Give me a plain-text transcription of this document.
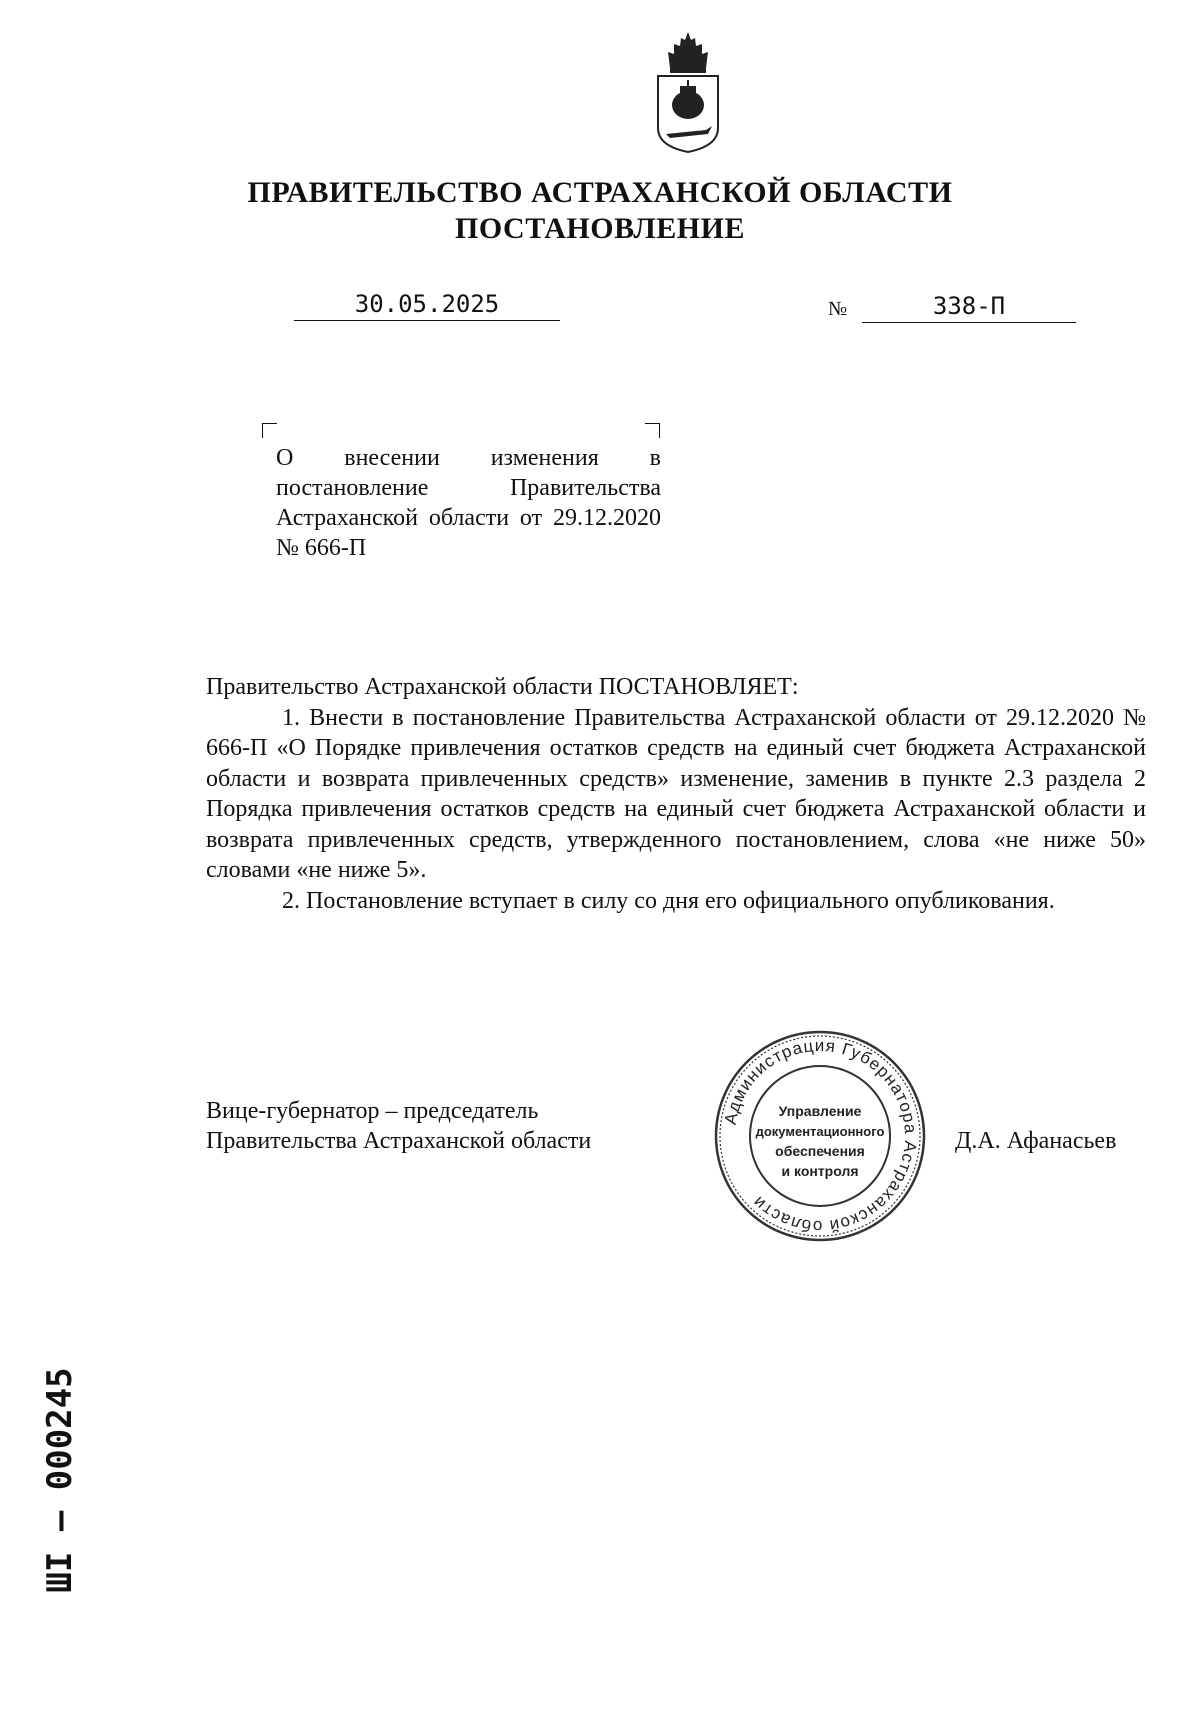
ПРАВИТЕЛЬСТВО АСТРАХАНСКОЙ ОБЛАСТИ
ПОСТАНОВЛЕНИЕ
30.05.2025	№	338-П
О внесении изменения в постановление Правительства Астраханской области от 29.12.2020 № 666-П

Правительство Астраханской области ПОСТАНОВЛЯЕТ:

1. Внести в постановление Правительства Астраханской области от 29.12.2020 № 666-П «О Порядке привлечения остатков средств на единый счет бюджета Астраханской области и возврата привлеченных средств» изменение, заменив в пункте 2.3 раздела 2 Порядка привлечения остатков средств на единый счет бюджета Астраханской области и возврата привлеченных средств, утвержденного постановлением, слова «не ниже 50» словами «не ниже 5».

2. Постановление вступает в силу со дня его официального опубликования.

Вице-губернатор – председатель
Правительства Астраханской области	Д.А. Афанасьев
Администрация Губернатора Астраханской области
Управление
документационного
обеспечения
и контроля
ШI – 000245
